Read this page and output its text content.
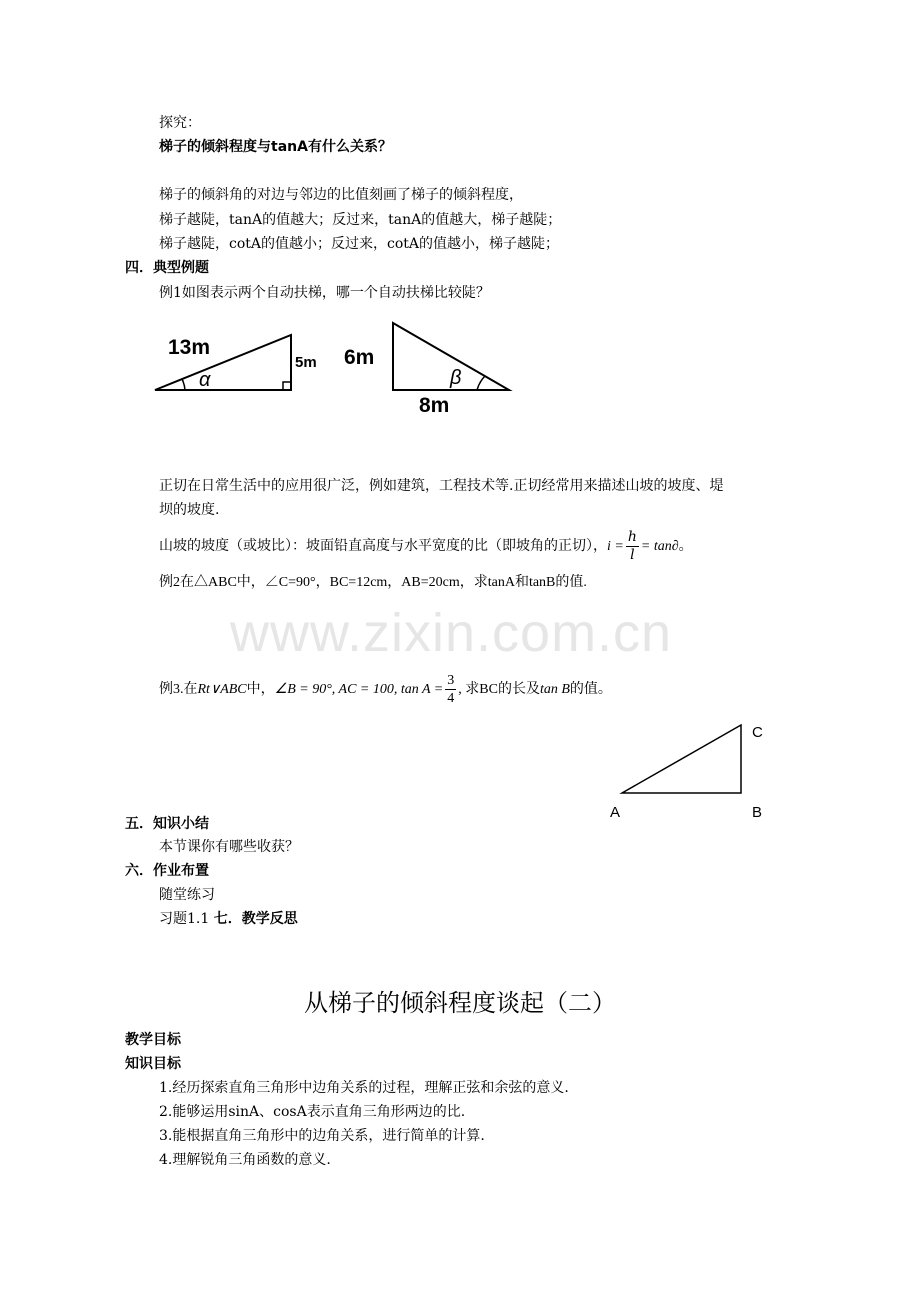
www.zixin.com.cn
探究：
梯子的倾斜程度与tanA有什么关系？
梯子的倾斜角的对边与邻边的比值刻画了梯子的倾斜程度，
梯子越陡，tanA的值越大；反过来，tanA的值越大，梯子越陡；
梯子越陡，cotA的值越小；反过来，cotA的值越小，梯子越陡；
四．典型例题
例1如图表示两个自动扶梯，哪一个自动扶梯比较陡？
13m
5m
α
6m
8m
β
正切在日常生活中的应用很广泛，例如建筑，工程技术等.正切经常用来描述山坡的坡度、堤
坝的坡度.
山坡的坡度（或坡比）：坡面铅直高度与水平宽度的比（即坡角的正切），$i = \frac{h}{l} = \tan\partial$。
例2在△ABC中，∠C=90°，BC=12cm，AB=20cm，求tanA和tanB的值.
例3.在Rt∨ABC中，∠B = 90°, AC = 100, $\tan A = \frac{3}{4}$ , 求BC的长及tan B的值。
A	B
C
五．知识小结
本节课你有哪些收获？
六．作业布置
随堂练习
习题1.1 七．教学反思
从梯子的倾斜程度谈起（二）
教学目标
知识目标
1.经历探索直角三角形中边角关系的过程，理解正弦和余弦的意义.
2.能够运用sinA、cosA表示直角三角形两边的比.
3.能根据直角三角形中的边角关系，进行简单的计算.
4.理解锐角三角函数的意义.
